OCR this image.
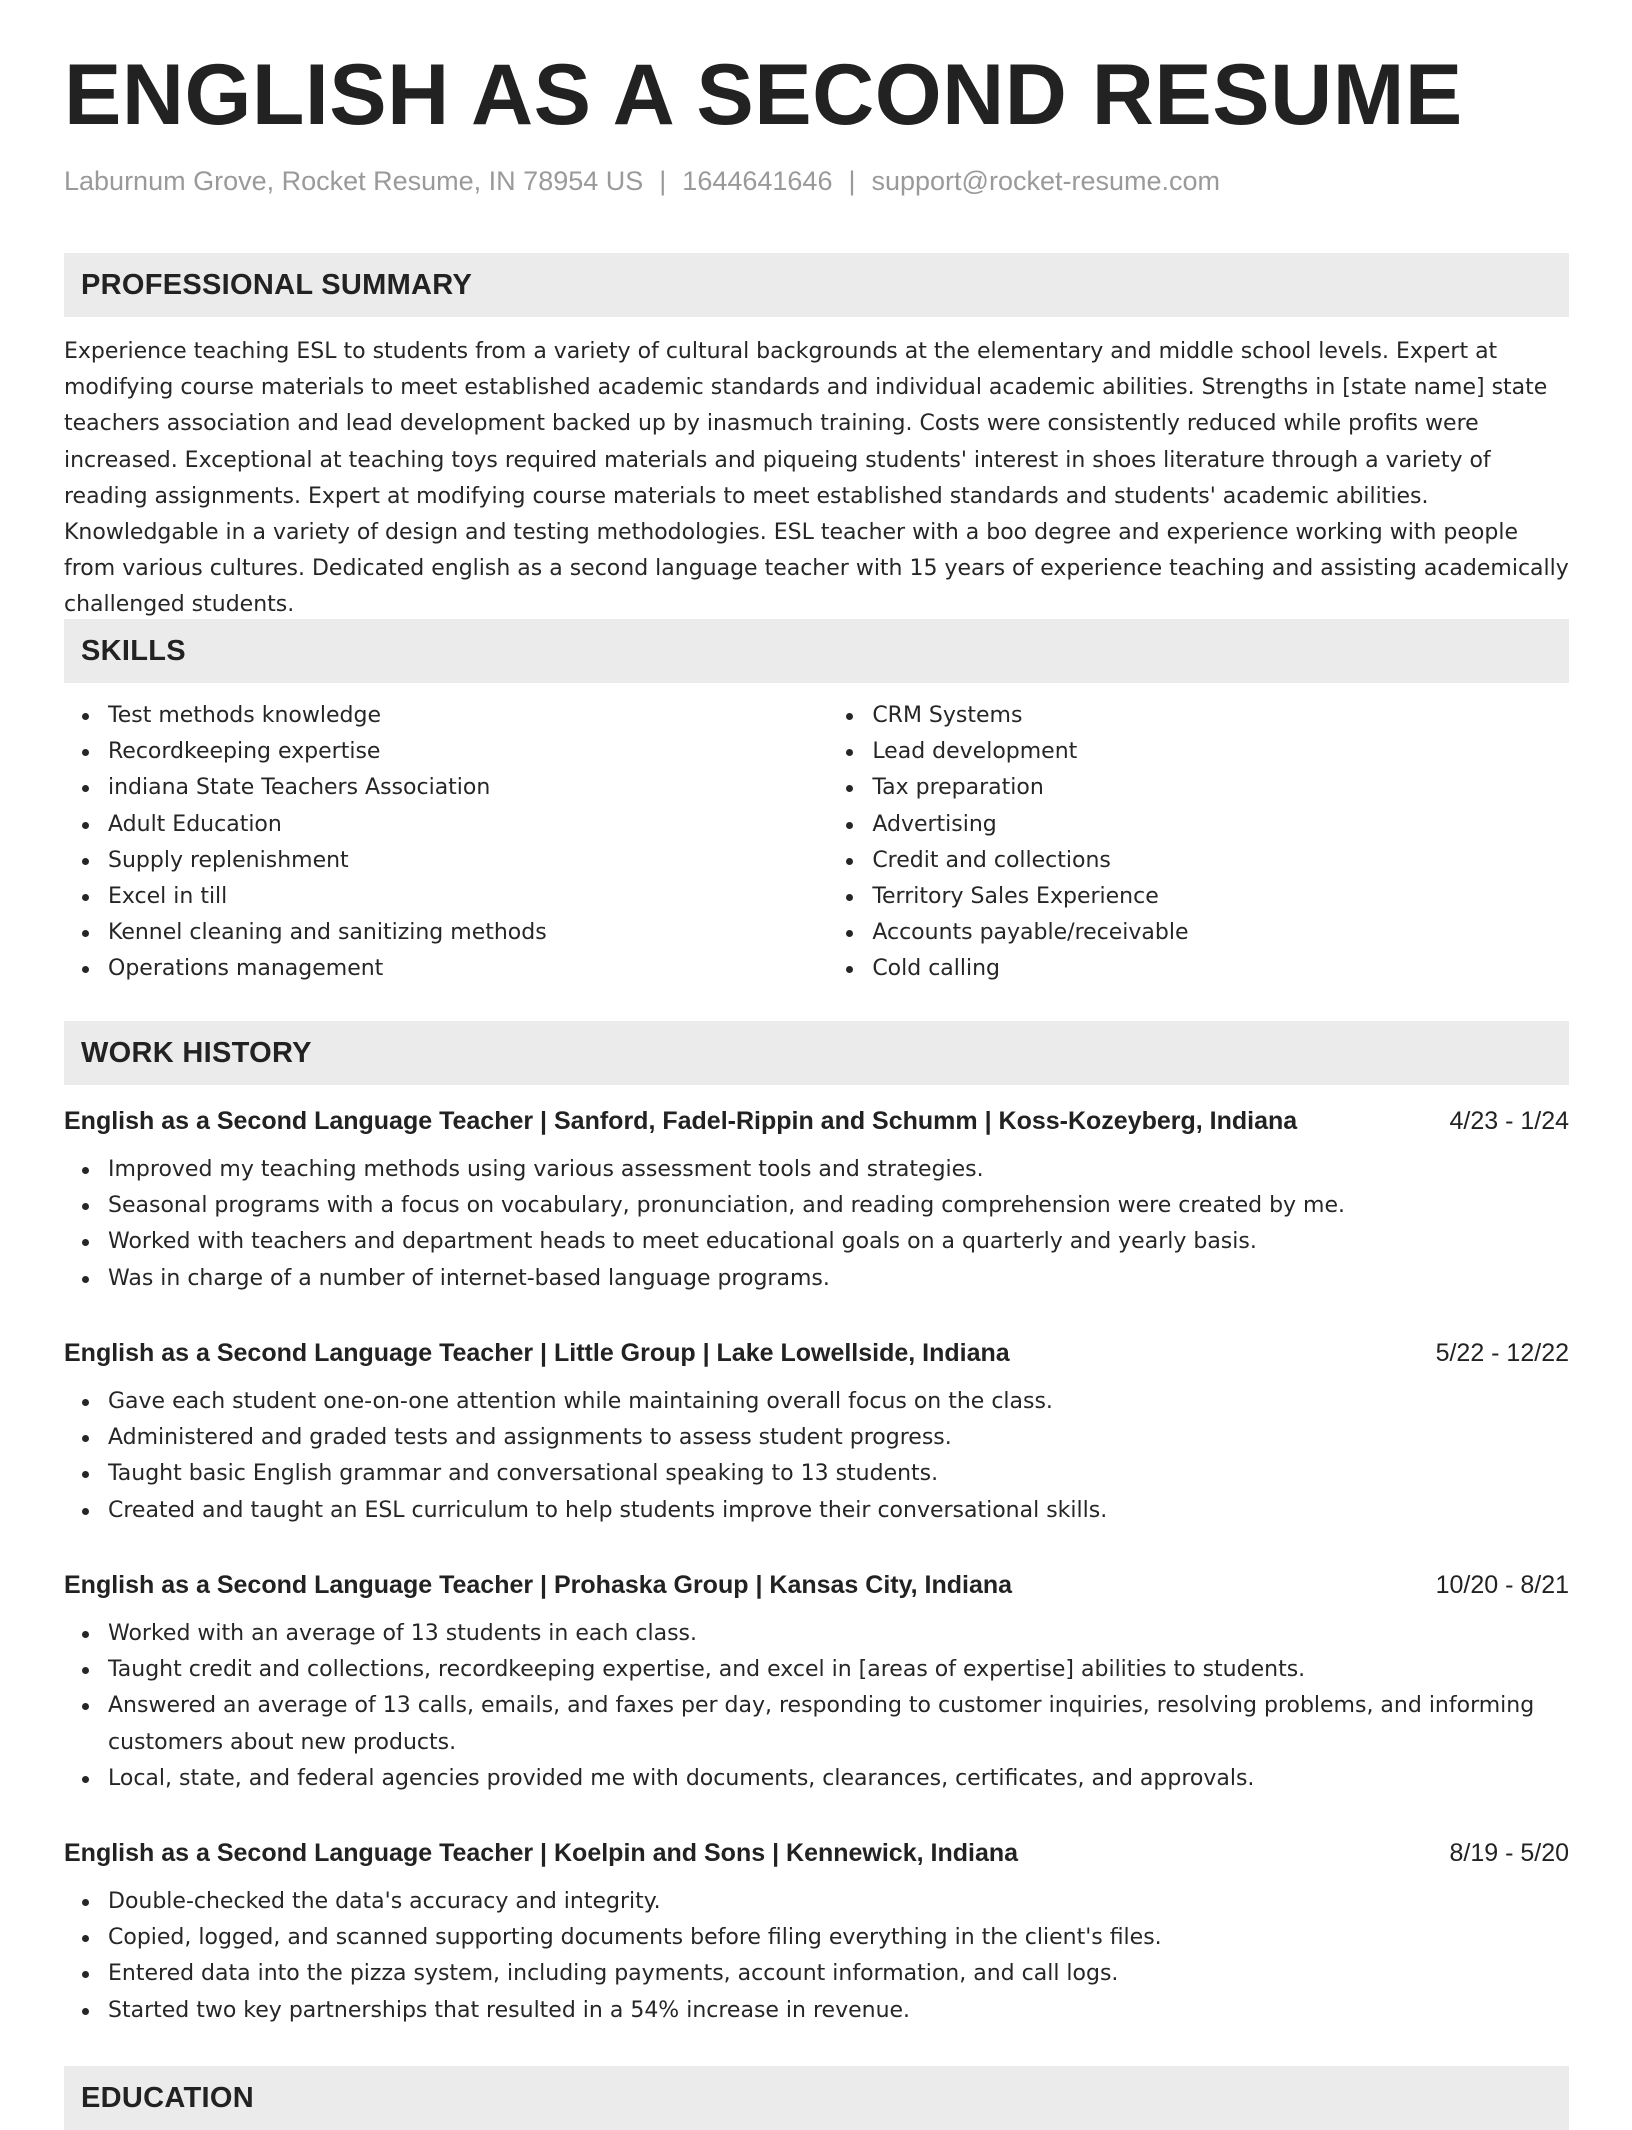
ENGLISH AS A SECOND RESUME
Laburnum Grove, Rocket Resume, IN 78954 US | 1644641646 | support@rocket-resume.com
PROFESSIONAL SUMMARY

Experience teaching ESL to students from a variety of cultural backgrounds at the elementary and middle school levels. Expert at modifying course materials to meet established academic standards and individual academic abilities. Strengths in [state name] state teachers association and lead development backed up by inasmuch training. Costs were consistently reduced while profits were increased. Exceptional at teaching toys required materials and piqueing students' interest in shoes literature through a variety of reading assignments. Expert at modifying course materials to meet established standards and students' academic abilities. Knowledgable in a variety of design and testing methodologies. ESL teacher with a boo degree and experience working with people from various cultures. Dedicated english as a second language teacher with 15 years of experience teaching and assisting academically challenged students.

SKILLS
Test methods knowledge
Recordkeeping expertise
indiana State Teachers Association
Adult Education
Supply replenishment
Excel in till
Kennel cleaning and sanitizing methods
Operations management
CRM Systems
Lead development
Tax preparation
Advertising
Credit and collections
Territory Sales Experience
Accounts payable/receivable
Cold calling
WORK HISTORY
English as a Second Language Teacher | Sanford, Fadel-Rippin and Schumm | Koss-Kozeyberg, Indiana	4/23 - 1/24
Improved my teaching methods using various assessment tools and strategies.
Seasonal programs with a focus on vocabulary, pronunciation, and reading comprehension were created by me.
Worked with teachers and department heads to meet educational goals on a quarterly and yearly basis.
Was in charge of a number of internet-based language programs.
English as a Second Language Teacher | Little Group | Lake Lowellside, Indiana	5/22 - 12/22
Gave each student one-on-one attention while maintaining overall focus on the class.
Administered and graded tests and assignments to assess student progress.
Taught basic English grammar and conversational speaking to 13 students.
Created and taught an ESL curriculum to help students improve their conversational skills.
English as a Second Language Teacher | Prohaska Group | Kansas City, Indiana	10/20 - 8/21
Worked with an average of 13 students in each class.
Taught credit and collections, recordkeeping expertise, and excel in [areas of expertise] abilities to students.
Answered an average of 13 calls, emails, and faxes per day, responding to customer inquiries, resolving problems, and informing customers about new products.
Local, state, and federal agencies provided me with documents, clearances, certificates, and approvals.
English as a Second Language Teacher | Koelpin and Sons | Kennewick, Indiana	8/19 - 5/20
Double-checked the data's accuracy and integrity.
Copied, logged, and scanned supporting documents before filing everything in the client's files.
Entered data into the pizza system, including payments, account information, and call logs.
Started two key partnerships that resulted in a 54% increase in revenue.
EDUCATION
